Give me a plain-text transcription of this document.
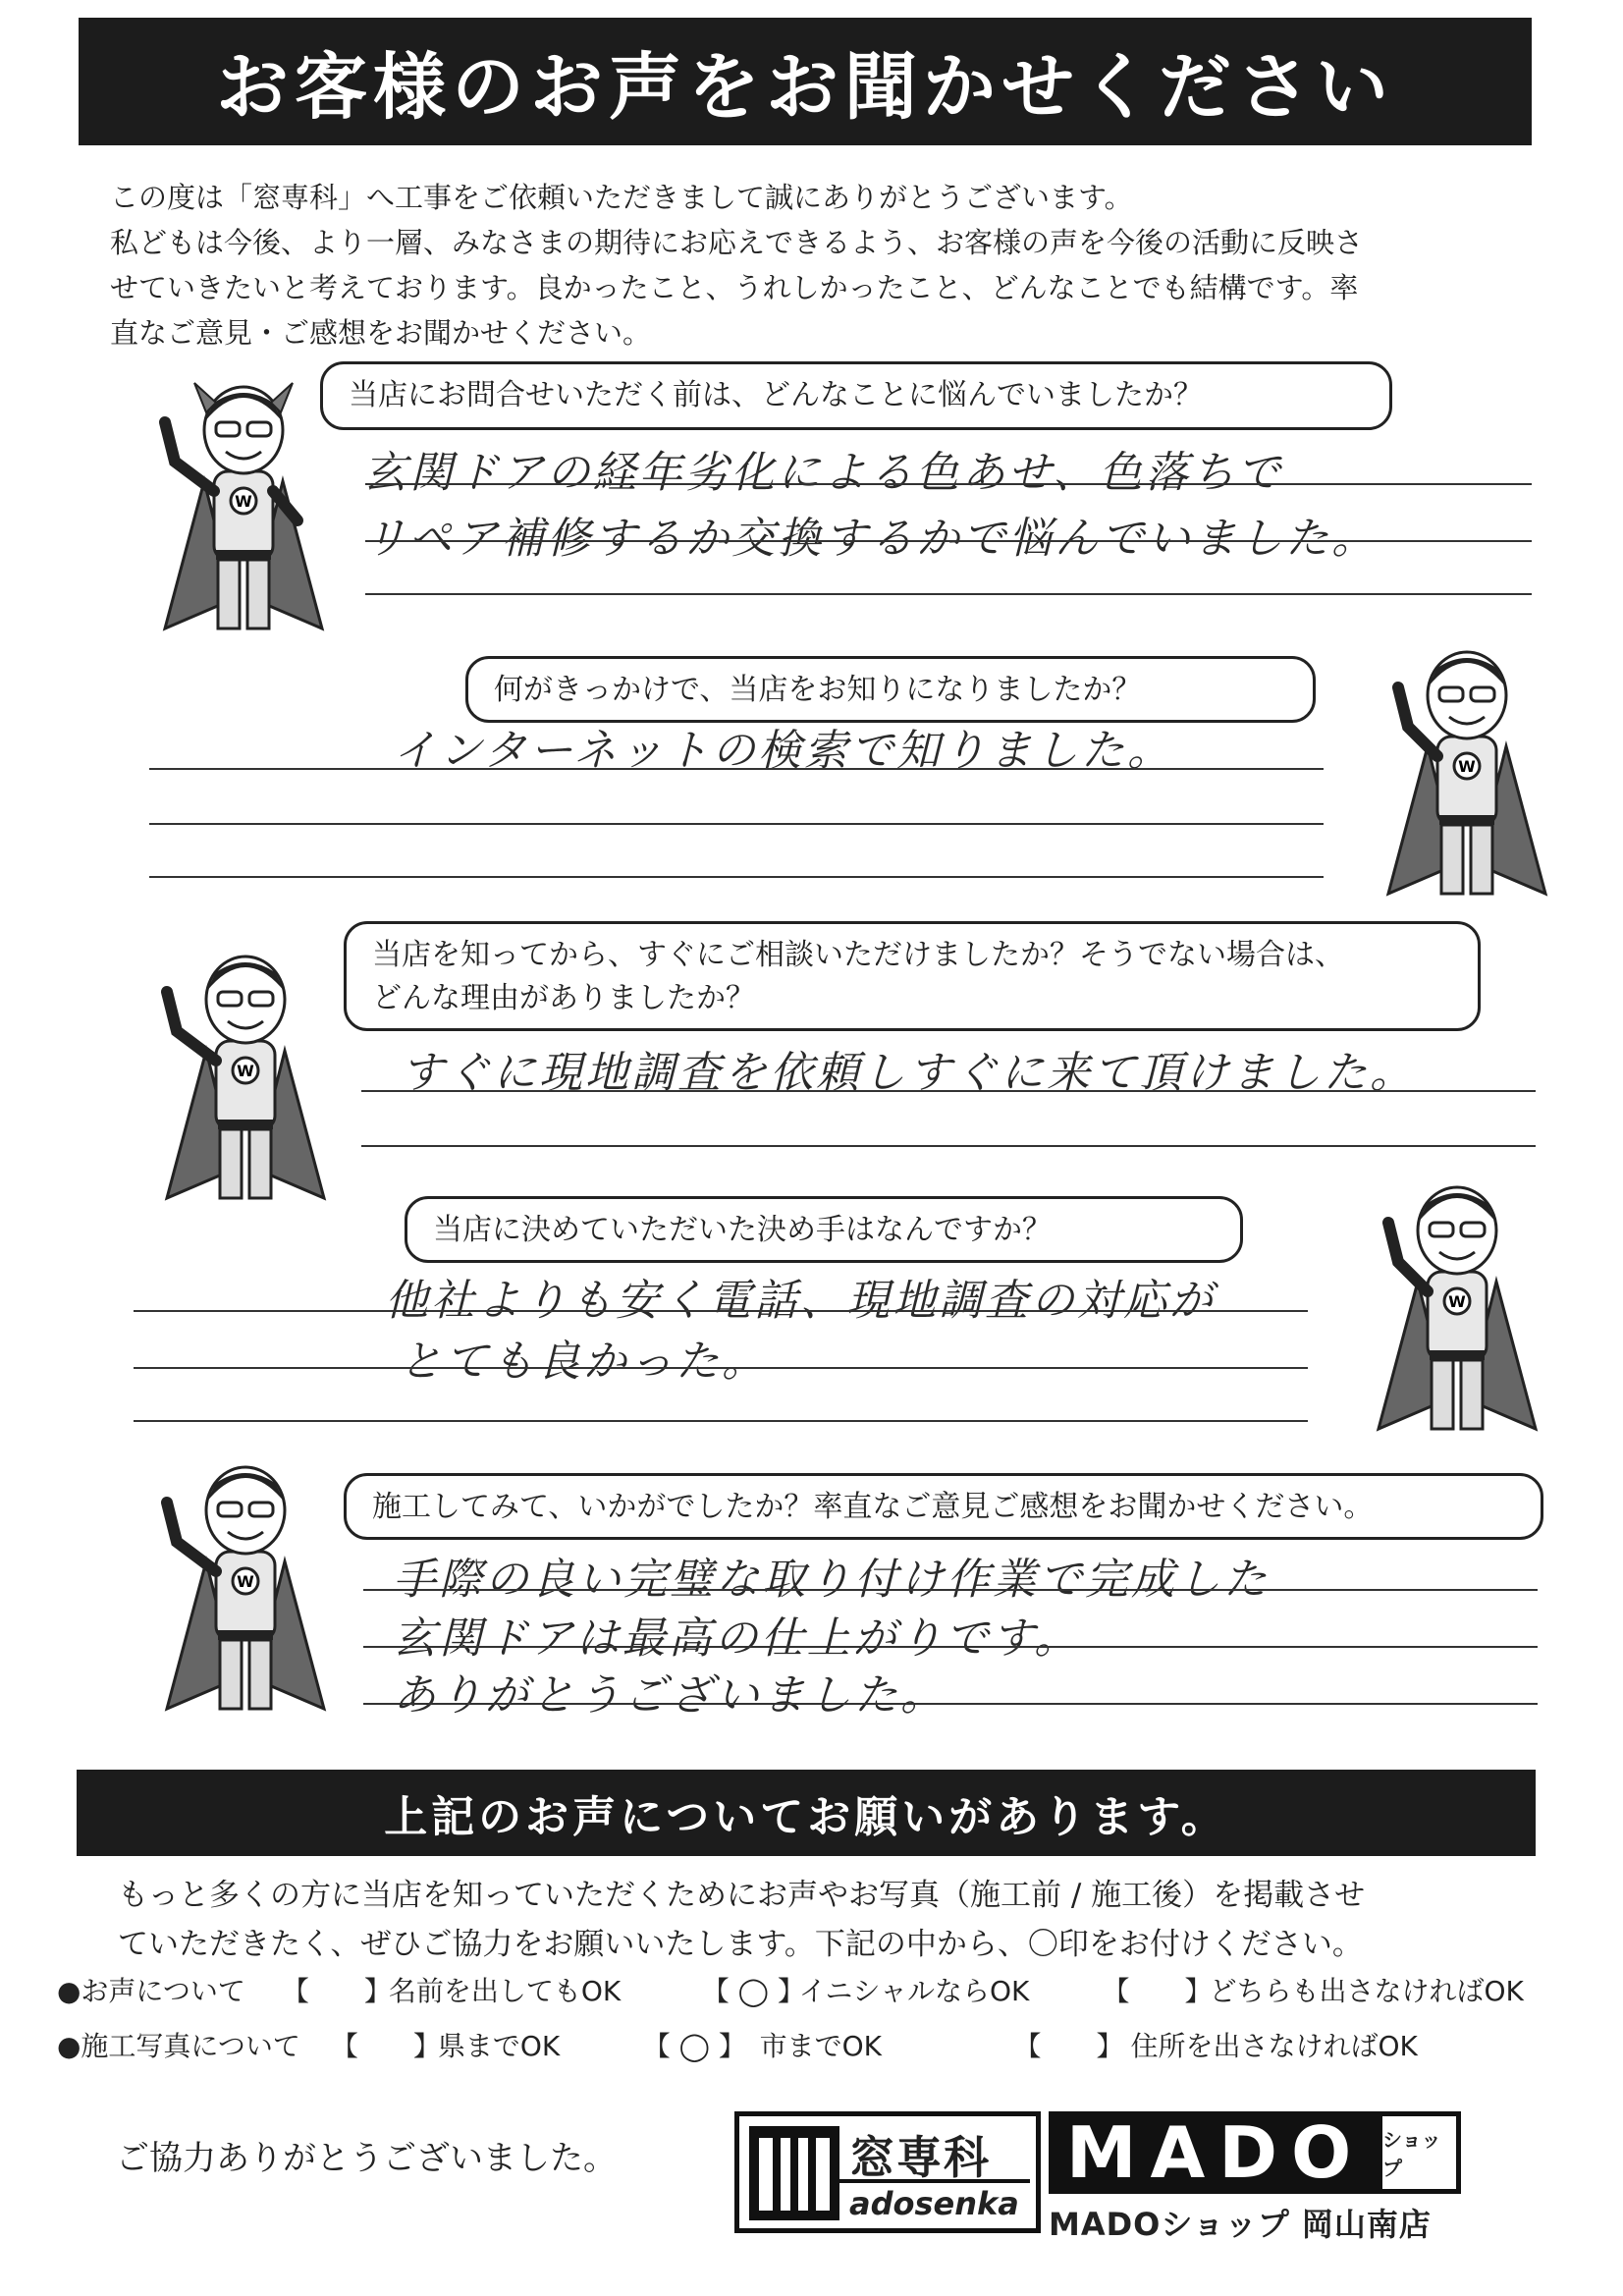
お客様のお声をお聞かせください

この度は「窓専科」へ工事をご依頼いただきまして誠にありがとうございます。

私どもは今後、より一層、みなさまの期待にお応えできるよう、お客様の声を今後の活動に反映さ

せていきたいと考えております。良かったこと、うれしかったこと、どんなことでも結構です。率

直なご意見・ご感想をお聞かせください。

W
当店にお問合せいただく前は、どんなことに悩んでいましたか？
玄関ドアの経年劣化による色あせ、色落ちで
リペア補修するか交換するかで悩んでいました。
何がきっかけで、当店をお知りになりましたか？
W
インターネットの検索で知りました。
W
当店を知ってから、すぐにご相談いただけましたか？そうでない場合は、
どんな理由がありましたか？
すぐに現地調査を依頼しすぐに来て頂けました。
当店に決めていただいた決め手はなんですか？
W
他社よりも安く電話、現地調査の対応が
とても良かった。
W
施工してみて、いかがでしたか？率直なご意見ご感想をお聞かせください。
手際の良い完璧な取り付け作業で完成した
玄関ドアは最高の仕上がりです。
ありがとうございました。
上記のお声についてお願いがあります。

もっと多くの方に当店を知っていただくためにお声やお写真（施工前 / 施工後）を掲載させ

ていただきたく、ぜひご協力をお願いいたします。下記の中から、〇印をお付けください。

●お声について 【　　】 名前を出してもOK	【 ◯ 】 イニシャルならOK	【　　】 どちらも出さなければOK
●施工写真について 【　　】 県までOK	【 ◯ 】 市までOK	【　　】 住所を出さなければOK
ご協力ありがとうございました。	窓専科
adosenka
MADO ショップ
MADOショップ 岡山南店
